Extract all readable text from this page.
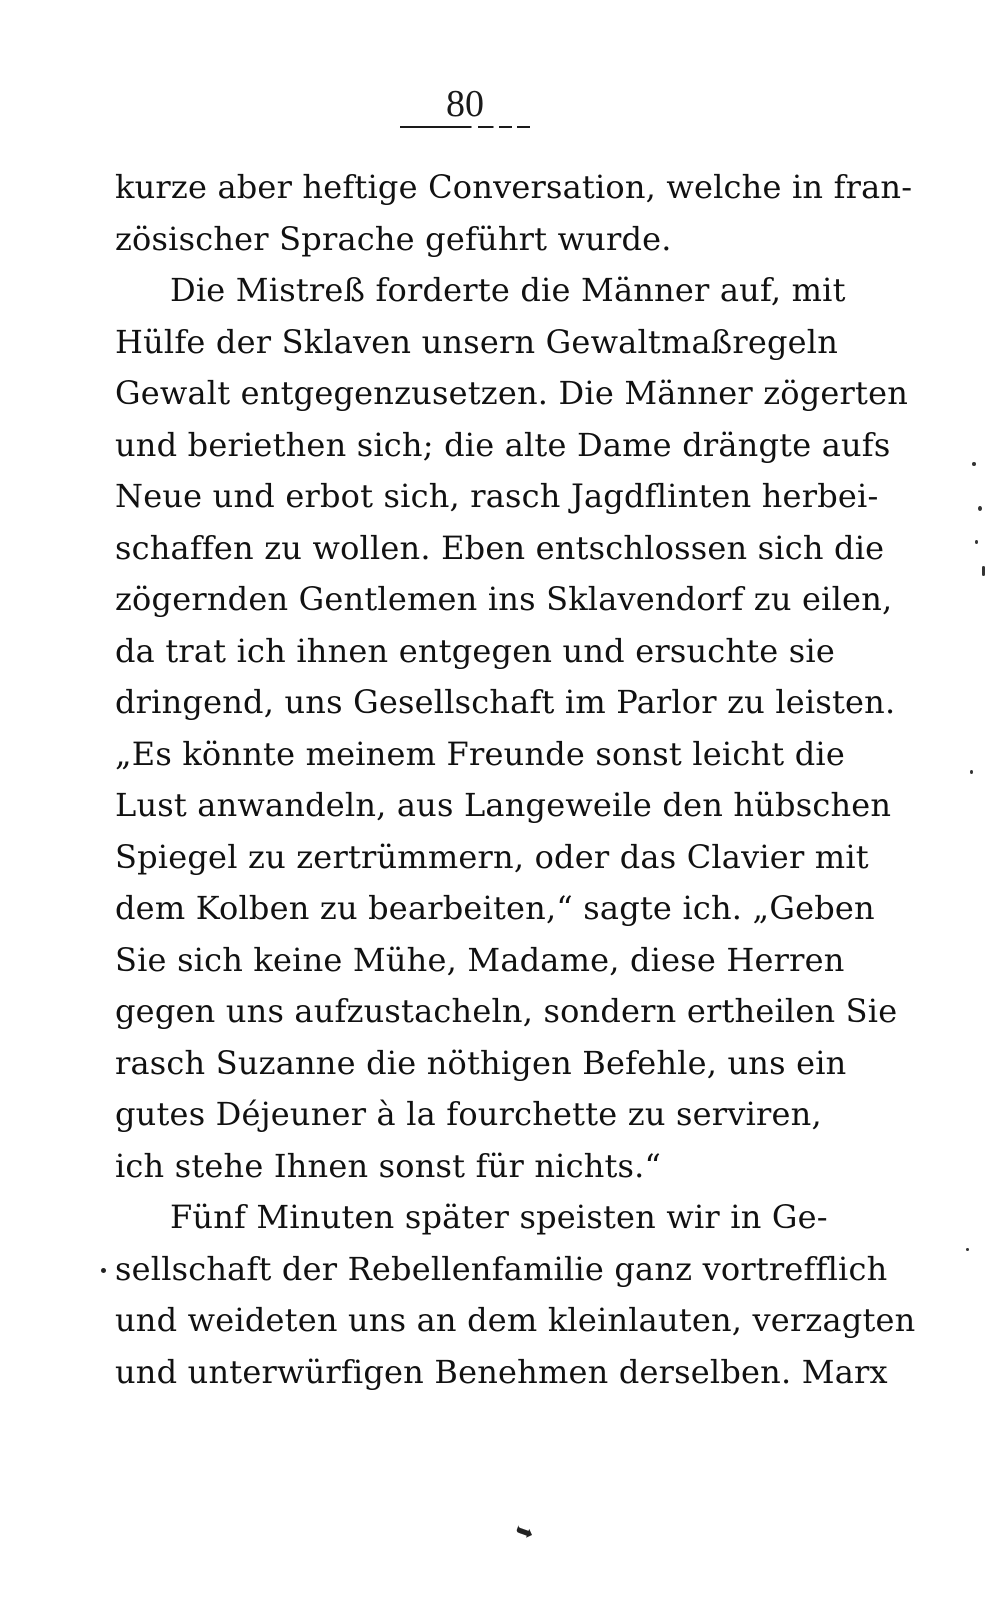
80
kurze aber heftige Conversation, welche in fran-
zösischer Sprache geführt wurde.
Die Mistreß forderte die Männer auf, mit
Hülfe der Sklaven unsern Gewaltmaßregeln
Gewalt entgegenzusetzen. Die Männer zögerten
und beriethen sich; die alte Dame drängte aufs
Neue und erbot sich, rasch Jagdflinten herbei-
schaffen zu wollen. Eben entschlossen sich die
zögernden Gentlemen ins Sklavendorf zu eilen,
da trat ich ihnen entgegen und ersuchte sie
dringend, uns Gesellschaft im Parlor zu leisten.
„Es könnte meinem Freunde sonst leicht die
Lust anwandeln, aus Langeweile den hübschen
Spiegel zu zertrümmern, oder das Clavier mit
dem Kolben zu bearbeiten,“ sagte ich. „Geben
Sie sich keine Mühe, Madame, diese Herren
gegen uns aufzustacheln, sondern ertheilen Sie
rasch Suzanne die nöthigen Befehle, uns ein
gutes Déjeuner à la fourchette zu serviren,
ich stehe Ihnen sonst für nichts.“
Fünf Minuten später speisten wir in Ge-
sellschaft der Rebellenfamilie ganz vortrefflich
und weideten uns an dem kleinlauten, verzagten
und unterwürfigen Benehmen derselben. Marx
➥
